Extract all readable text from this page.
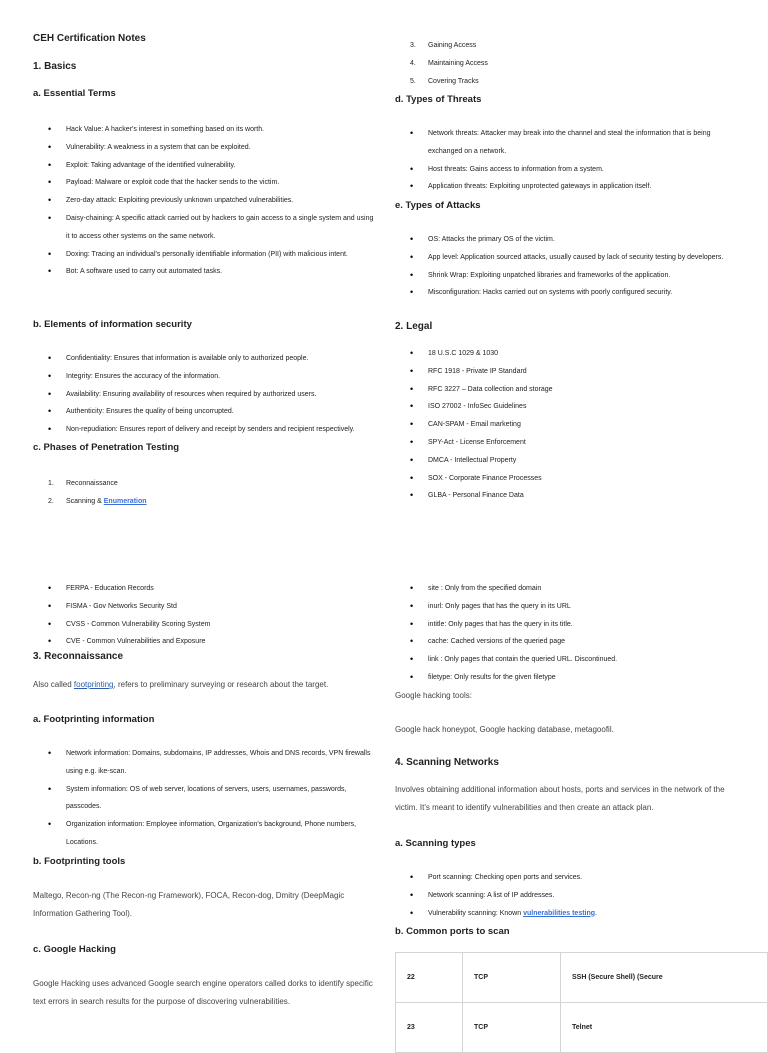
CEH Certification Notes
1. Basics
a. Essential Terms
• Hack Value: A hacker's interest in something based on its worth.
• Vulnerability: A weakness in a system that can be exploited.
• Exploit: Taking advantage of the identified vulnerability.
• Payload: Malware or exploit code that the hacker sends to the victim.
• Zero-day attack: Exploiting previously unknown unpatched vulnerabilities.
• Daisy-chaining: A specific attack carried out by hackers to gain access to a single system and using it to access other systems on the same network.
• Doxing: Tracing an individual's personally identifiable information (PII) with malicious intent.
• Bot: A software used to carry out automated tasks.
b. Elements of information security
• Confidentiality: Ensures that information is available only to authorized people.
• Integrity: Ensures the accuracy of the information.
• Availability: Ensuring availability of resources when required by authorized users.
• Authenticity: Ensures the quality of being uncorrupted.
• Non-repudiation: Ensures report of delivery and receipt by senders and recipient respectively.
c. Phases of Penetration Testing
1. Reconnaissance
2. Scanning & Enumeration
• FERPA - Education Records
• FISMA - Gov Networks Security Std
• CVSS - Common Vulnerability Scoring System
• CVE - Common Vulnerabilities and Exposure
3. Reconnaissance
Also called footprinting, refers to preliminary surveying or research about the target.
a. Footprinting information
• Network information: Domains, subdomains, IP addresses, Whois and DNS records, VPN firewalls using e.g. ike-scan.
• System information: OS of web server, locations of servers, users, usernames, passwords, passcodes.
• Organization information: Employee information, Organization's background, Phone numbers, Locations.
b. Footprinting tools
Maltego, Recon-ng (The Recon-ng Framework), FOCA, Recon-dog, Dmitry (DeepMagic Information Gathering Tool).
c. Google Hacking
Google Hacking uses advanced Google search engine operators called dorks to identify specific text errors in search results for the purpose of discovering vulnerabilities.
3. Gaining Access
4. Maintaining Access
5. Covering Tracks
d. Types of Threats
• Network threats: Attacker may break into the channel and steal the information that is being exchanged on a network.
• Host threats: Gains access to information from a system.
• Application threats: Exploiting unprotected gateways in application itself.
e. Types of Attacks
• OS: Attacks the primary OS of the victim.
• App level: Application sourced attacks, usually caused by lack of security testing by developers.
• Shrink Wrap: Exploiting unpatched libraries and frameworks of the application.
• Misconfiguration: Hacks carried out on systems with poorly configured security.
2. Legal
• 18 U.S.C 1029 & 1030
• RFC 1918 - Private IP Standard
• RFC 3227 – Data collection and storage
• ISO 27002 - InfoSec Guidelines
• CAN-SPAM - Email marketing
• SPY-Act - License Enforcement
• DMCA - Intellectual Property
• SOX - Corporate Finance Processes
• GLBA - Personal Finance Data
• site : Only from the specified domain
• inurl: Only pages that has the query in its URL
• intitle: Only pages that has the query in its title.
• cache: Cached versions of the queried page
• link : Only pages that contain the queried URL. Discontinued.
• filetype: Only results for the given filetype
Google hacking tools:
Google hack honeypot, Google hacking database, metagoofil.
4. Scanning Networks
Involves obtaining additional information about hosts, ports and services in the network of the victim. It's meant to identify vulnerabilities and then create an attack plan.
a. Scanning types
• Port scanning: Checking open ports and services.
• Network scanning: A list of IP addresses.
• Vulnerability scanning: Known vulnerabilities testing.
b. Common ports to scan
22	TCP	SSH (Secure Shell) (Secure
23	TCP	Telnet
